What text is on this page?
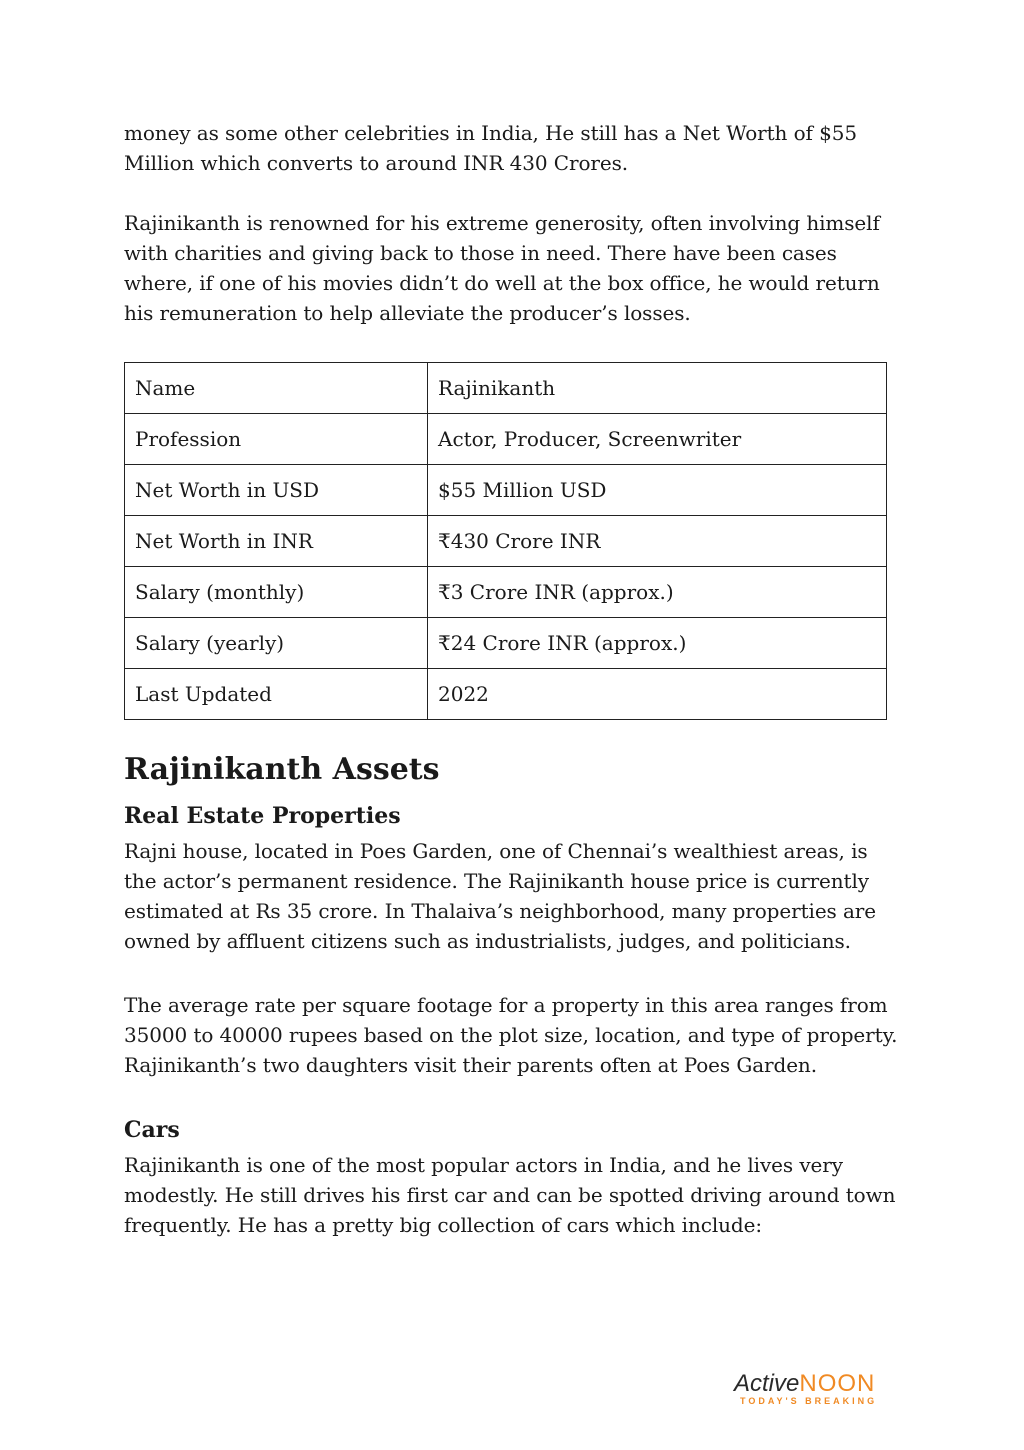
money as some other celebrities in India, He still has a Net Worth of $55 Million which converts to around INR 430 Crores.

Rajinikanth is renowned for his extreme generosity, often involving himself with charities and giving back to those in need. There have been cases where, if one of his movies didn’t do well at the box office, he would return his remuneration to help alleviate the producer’s losses.

Name	Rajinikanth
Profession	Actor, Producer, Screenwriter
Net Worth in USD	$55 Million USD
Net Worth in INR	₹430 Crore INR
Salary (monthly)	₹3 Crore INR (approx.)
Salary (yearly)	₹24 Crore INR (approx.)
Last Updated	2022
Rajinikanth Assets
Real Estate Properties

Rajni house, located in Poes Garden, one of Chennai’s wealthiest areas, is the actor’s permanent residence. The Rajinikanth house price is currently estimated at Rs 35 crore. In Thalaiva’s neighborhood, many properties are owned by affluent citizens such as industrialists, judges, and politicians.

The average rate per square footage for a property in this area ranges from 35000 to 40000 rupees based on the plot size, location, and type of property. Rajinikanth’s two daughters visit their parents often at Poes Garden.

Cars

Rajinikanth is one of the most popular actors in India, and he lives very modestly. He still drives his first car and can be spotted driving around town frequently. He has a pretty big collection of cars which include:

ActiveNOON
TODAY'S BREAKING
